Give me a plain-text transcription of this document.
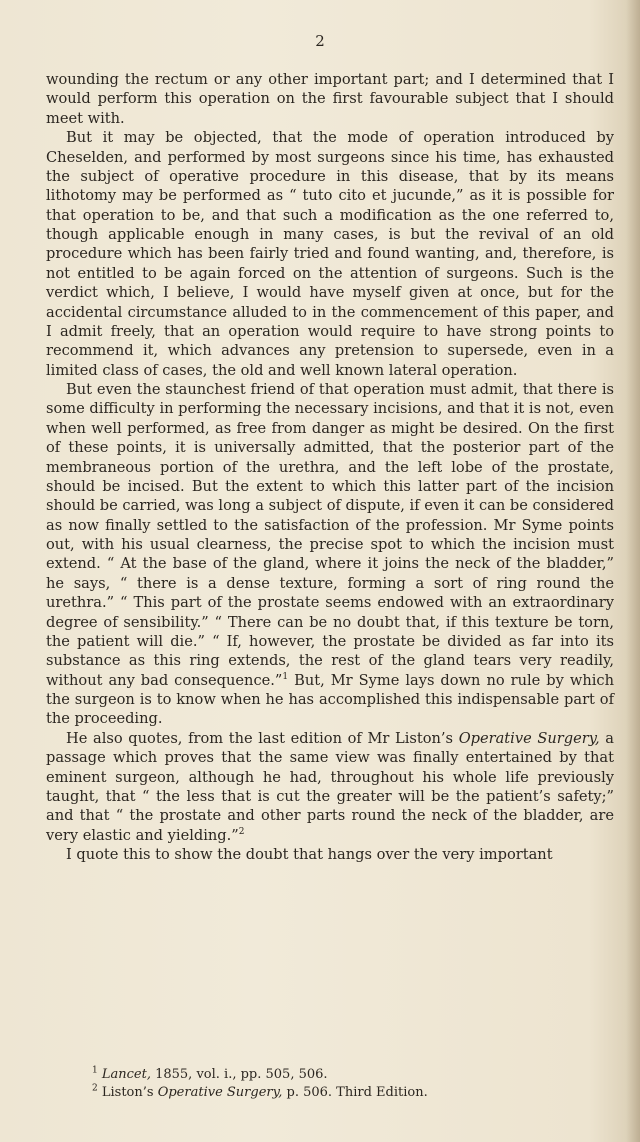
2

wounding the rectum or any other important part; and I determined that I would perform this operation on the first favourable subject that I should meet with.

But it may be objected, that the mode of operation introduced by Cheselden, and performed by most surgeons since his time, has exhausted the subject of operative procedure in this disease, that by its means lithotomy may be performed as “ tuto cito et jucunde,” as it is possible for that operation to be, and that such a modification as the one referred to, though applicable enough in many cases, is but the revival of an old procedure which has been fairly tried and found wanting, and, therefore, is not entitled to be again forced on the attention of surgeons. Such is the verdict which, I believe, I would have myself given at once, but for the accidental circumstance alluded to in the commencement of this paper, and I admit freely, that an operation would require to have strong points to recommend it, which advances any pretension to supersede, even in a limited class of cases, the old and well known lateral operation.

But even the staunchest friend of that operation must admit, that there is some difficulty in performing the necessary incisions, and that it is not, even when well performed, as free from danger as might be desired. On the first of these points, it is universally admitted, that the posterior part of the membraneous portion of the urethra, and the left lobe of the prostate, should be incised. But the extent to which this latter part of the incision should be carried, was long a subject of dispute, if even it can be considered as now finally settled to the satisfaction of the profession. Mr Syme points out, with his usual clearness, the precise spot to which the incision must extend. “ At the base of the gland, where it joins the neck of the bladder,” he says, “ there is a dense texture, forming a sort of ring round the urethra.” “ This part of the prostate seems endowed with an extraordinary degree of sensibility.” “ There can be no doubt that, if this texture be torn, the patient will die.” “ If, however, the prostate be divided as far into its substance as this ring extends, the rest of the gland tears very readily, without any bad consequence.”$^1$ But, Mr Syme lays down no rule by which the surgeon is to know when he has accomplished this indispensable part of the proceeding.

He also quotes, from the last edition of Mr Liston’s Operative Surgery, a passage which proves that the same view was finally entertained by that eminent surgeon, although he had, throughout his whole life previously taught, that “ the less that is cut the greater will be the patient’s safety;” and that “ the prostate and other parts round the neck of the bladder, are very elastic and yielding.”$^2$

I quote this to show the doubt that hangs over the very important

$^1$ Lancet, 1855, vol. i., pp. 505, 506.

$^2$ Liston’s Operative Surgery, p. 506. Third Edition.
